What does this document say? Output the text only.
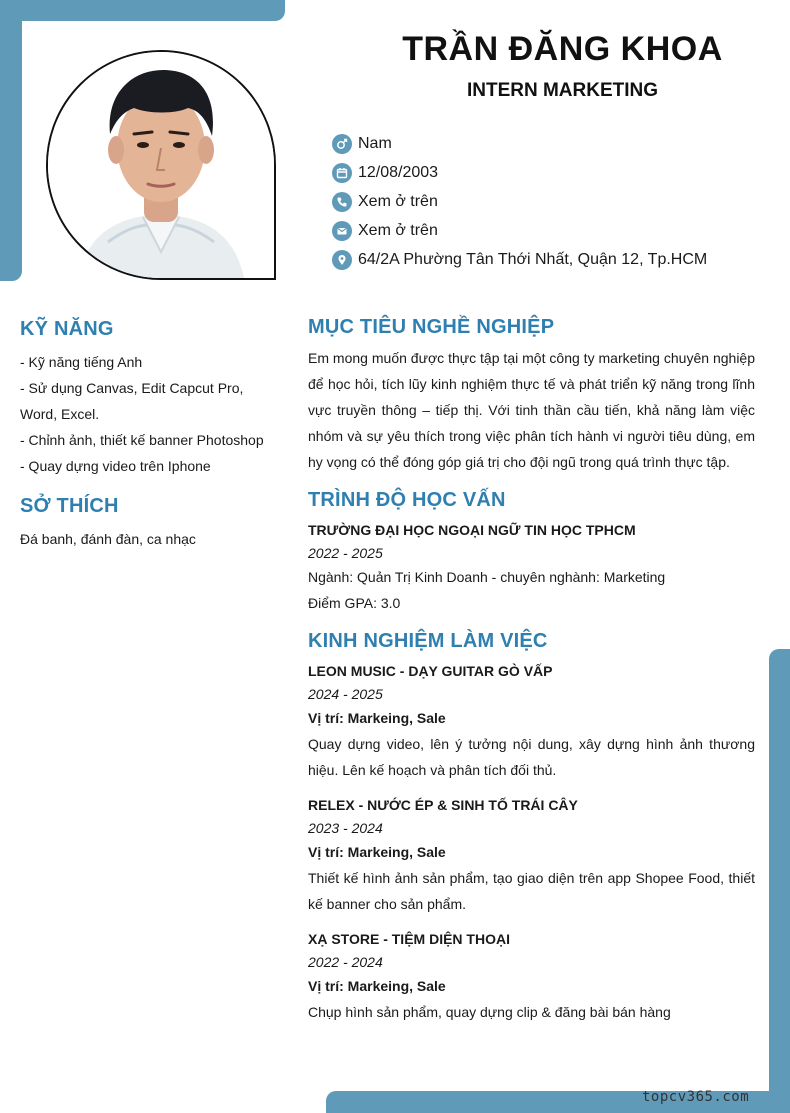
TRẦN ĐĂNG KHOA
INTERN MARKETING
Nam
12/08/2003
Xem ở trên
Xem ở trên
64/2A Phường Tân Thới Nhất, Quận 12, Tp.HCM
KỸ NĂNG
- Kỹ năng tiếng Anh
- Sử dụng Canvas, Edit Capcut Pro, Word, Excel.
- Chỉnh ảnh, thiết kế banner Photoshop
- Quay dựng video trên Iphone
SỞ THÍCH
Đá banh, đánh đàn, ca nhạc
MỤC TIÊU NGHỀ NGHIỆP
Em mong muốn được thực tập tại một công ty marketing chuyên nghiệp để học hỏi, tích lũy kinh nghiệm thực tế và phát triển kỹ năng trong lĩnh vực truyền thông – tiếp thị. Với tinh thần cầu tiến, khả năng làm việc nhóm và sự yêu thích trong việc phân tích hành vi người tiêu dùng, em hy vọng có thể đóng góp giá trị cho đội ngũ trong quá trình thực tập.
TRÌNH ĐỘ HỌC VẤN
TRƯỜNG ĐẠI HỌC NGOẠI NGỮ TIN HỌC TPHCM
2022 - 2025
Ngành: Quản Trị Kinh Doanh - chuyên nghành: Marketing
Điểm GPA: 3.0
KINH NGHIỆM LÀM VIỆC
LEON MUSIC - DẠY GUITAR GÒ VẤP
2024 - 2025
Vị trí: Markeing, Sale
Quay dựng video, lên ý tưởng nội dung, xây dựng hình ảnh thương hiệu. Lên kế hoạch và phân tích đối thủ.
RELEX - NƯỚC ÉP & SINH TỐ TRÁI CÂY
2023 - 2024
Vị trí: Markeing, Sale
Thiết kế hình ảnh sản phẩm, tạo giao diện trên app Shopee Food, thiết kế banner cho sản phẩm.
XẠ STORE - TIỆM DIỆN THOẠI
2022 - 2024
Vị trí: Markeing, Sale
Chụp hình sản phẩm, quay dựng clip & đăng bài bán hàng
topcv365.com
